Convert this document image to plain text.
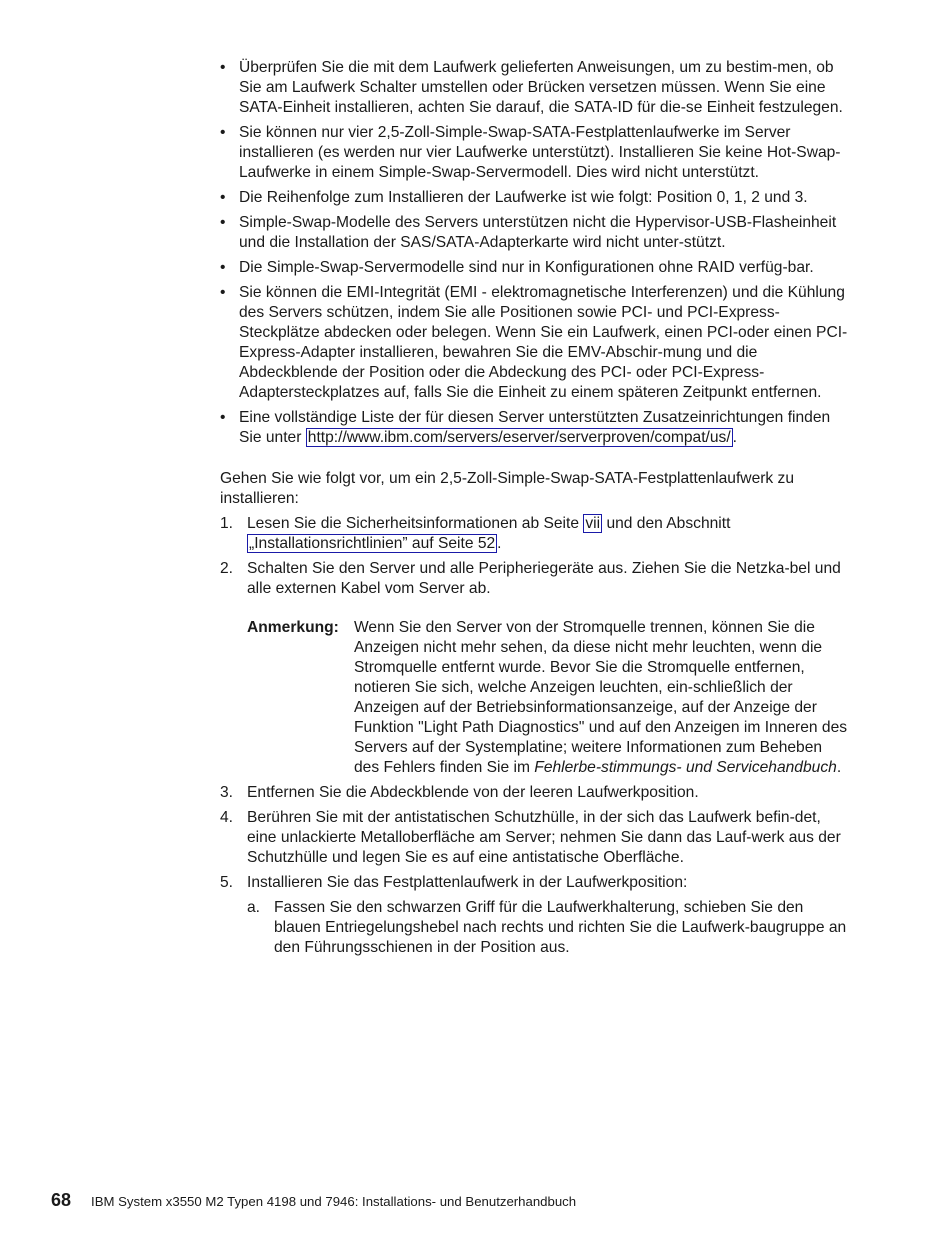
• Überprüfen Sie die mit dem Laufwerk gelieferten Anweisungen, um zu bestim-men, ob Sie am Laufwerk Schalter umstellen oder Brücken versetzen müssen. Wenn Sie eine SATA-Einheit installieren, achten Sie darauf, die SATA-ID für die-se Einheit festzulegen.
• Sie können nur vier 2,5-Zoll-Simple-Swap-SATA-Festplattenlaufwerke im Server installieren (es werden nur vier Laufwerke unterstützt). Installieren Sie keine Hot-Swap-Laufwerke in einem Simple-Swap-Servermodell. Dies wird nicht unterstützt.
• Die Reihenfolge zum Installieren der Laufwerke ist wie folgt: Position 0, 1, 2 und 3.
• Simple-Swap-Modelle des Servers unterstützen nicht die Hypervisor-USB-Flasheinheit und die Installation der SAS/SATA-Adapterkarte wird nicht unter-stützt.
• Die Simple-Swap-Servermodelle sind nur in Konfigurationen ohne RAID verfüg-bar.
• Sie können die EMI-Integrität (EMI - elektromagnetische Interferenzen) und die Kühlung des Servers schützen, indem Sie alle Positionen sowie PCI- und PCI-Express-Steckplätze abdecken oder belegen. Wenn Sie ein Laufwerk, einen PCI-oder einen PCI-Express-Adapter installieren, bewahren Sie die EMV-Abschir-mung und die Abdeckblende der Position oder die Abdeckung des PCI- oder PCI-Express-Adaptersteckplatzes auf, falls Sie die Einheit zu einem späteren Zeitpunkt entfernen.
• Eine vollständige Liste der für diesen Server unterstützten Zusatzeinrichtungen finden Sie unter http://www.ibm.com/servers/eserver/serverproven/compat/us/ .

Gehen Sie wie folgt vor, um ein 2,5-Zoll-Simple-Swap-SATA-Festplattenlaufwerk zu installieren:

1. Lesen Sie die Sicherheitsinformationen ab Seite vii und den Abschnitt „Installationsrichtlinien” auf Seite 52 .
2. Schalten Sie den Server und alle Peripheriegeräte aus. Ziehen Sie die Netzka-bel und alle externen Kabel vom Server ab.
Anmerkung: Wenn Sie den Server von der Stromquelle trennen, können Sie die Anzeigen nicht mehr sehen, da diese nicht mehr leuchten, wenn die Stromquelle entfernt wurde. Bevor Sie die Stromquelle entfernen, notieren Sie sich, welche Anzeigen leuchten, ein-schließlich der Anzeigen auf der Betriebsinformationsanzeige, auf der Anzeige der Funktion "Light Path Diagnostics" und auf den Anzeigen im Inneren des Servers auf der Systemplatine; weitere Informationen zum Beheben des Fehlers finden Sie im Fehlerbe-stimmungs- und Servicehandbuch.
3. Entfernen Sie die Abdeckblende von der leeren Laufwerkposition.
4. Berühren Sie mit der antistatischen Schutzhülle, in der sich das Laufwerk befin-det, eine unlackierte Metalloberfläche am Server; nehmen Sie dann das Lauf-werk aus der Schutzhülle und legen Sie es auf eine antistatische Oberfläche.
5. Installieren Sie das Festplattenlaufwerk in der Laufwerkposition:
a. Fassen Sie den schwarzen Griff für die Laufwerkhalterung, schieben Sie den blauen Entriegelungshebel nach rechts und richten Sie die Laufwerk-baugruppe an den Führungsschienen in der Position aus.
68 IBM System x3550 M2 Typen 4198 und 7946: Installations- und Benutzerhandbuch
